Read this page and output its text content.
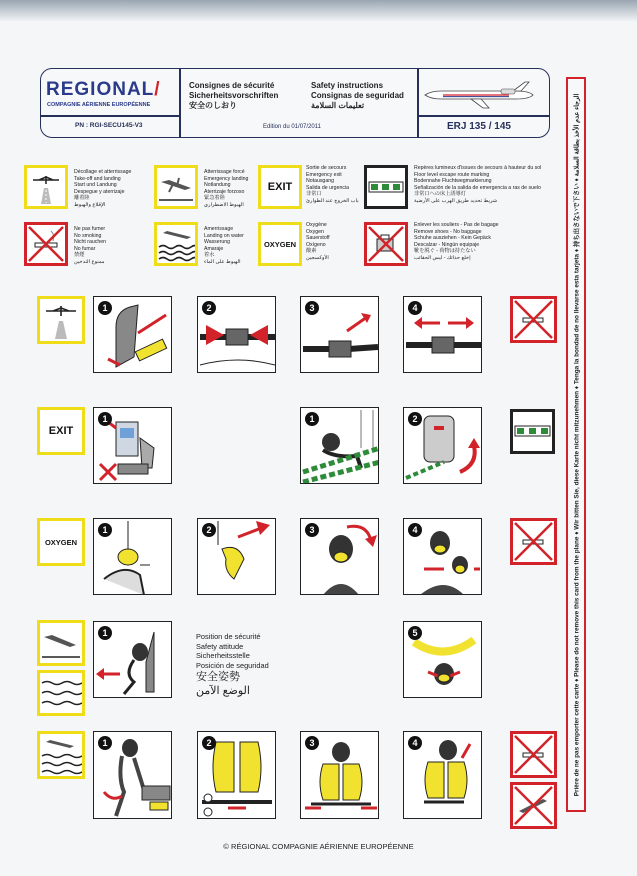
REGIONAL/
COMPAGNIE AÉRIENNE EUROPÉENNE
PN : RGI-SECU145-V3
Consignes de sécurité
Sicherheitsvorschriften
安全のしおり
Safety instructions
Consignas de seguridad
تعليمات السلامة
Edition du 01/07/2011	ERJ 135 / 145
Prière de ne pas emporter cette carte ♦ Please do not remove this card from the plane ♦ Wir bitten Sie, diese Karte nicht mitzunehmen ♦ Tenga la bondad de no llevarse esta tarjeta ♦ 持ち出さないで下さい ♦ الرجاء عدم الأخذ بطاقة السلامة
Décollage et atterrissage
Take-off and landing
Start und Landung
Despegue y aterrizaje
離着陸
الإقلاع والهبوط
Atterrissage forcé
Emergency landing
Notlandung
Aterrizaje forzoso
緊急着陸
الهبوط الاضطراري
EXIT
Sortie de secours
Emergency exit
Notausgang
Salida de urgencia
非常口
باب الخروج عند الطوارئ
Repères lumineux d'issues de secours à hauteur du sol
Floor level escape route marking
Bodennahe Fluchtwegmarkierung
Señalización de la salida de emergencia a ras de suelo
非常口への床上誘導灯
شريط تحديد طريق الهرب على الأرضية
Ne pas fumer
No smoking
Nicht rauchen
No fumar
禁煙
ممنوع التدخين
Amerrissage
Landing on water
Wasserung
Amaraje
着水
الهبوط على الماء
OXYGEN
Oxygène
Oxygen
Sauerstoff
Oxígeno
酸素
الأوكسجين
Enlever les souliers - Pas de bagage
Remove shoes - No baggage
Schuhe ausziehen - Kein Gepäck
Descalzar - Ningún equipaje
靴を脱ぐ - 荷物は持たない
إخلع حذائك - ليس الحقائب
1	2	3	4
EXIT
1	1	2
OXYGEN
1	2	3	4
1	Position de sécurité
Safety attitude
Sicherheitsstelle
Posición de seguridad
安全姿勢
الوضع الآمن
5
1	2	3	4
© RÉGIONAL COMPAGNIE AÉRIENNE EUROPÉENNE
